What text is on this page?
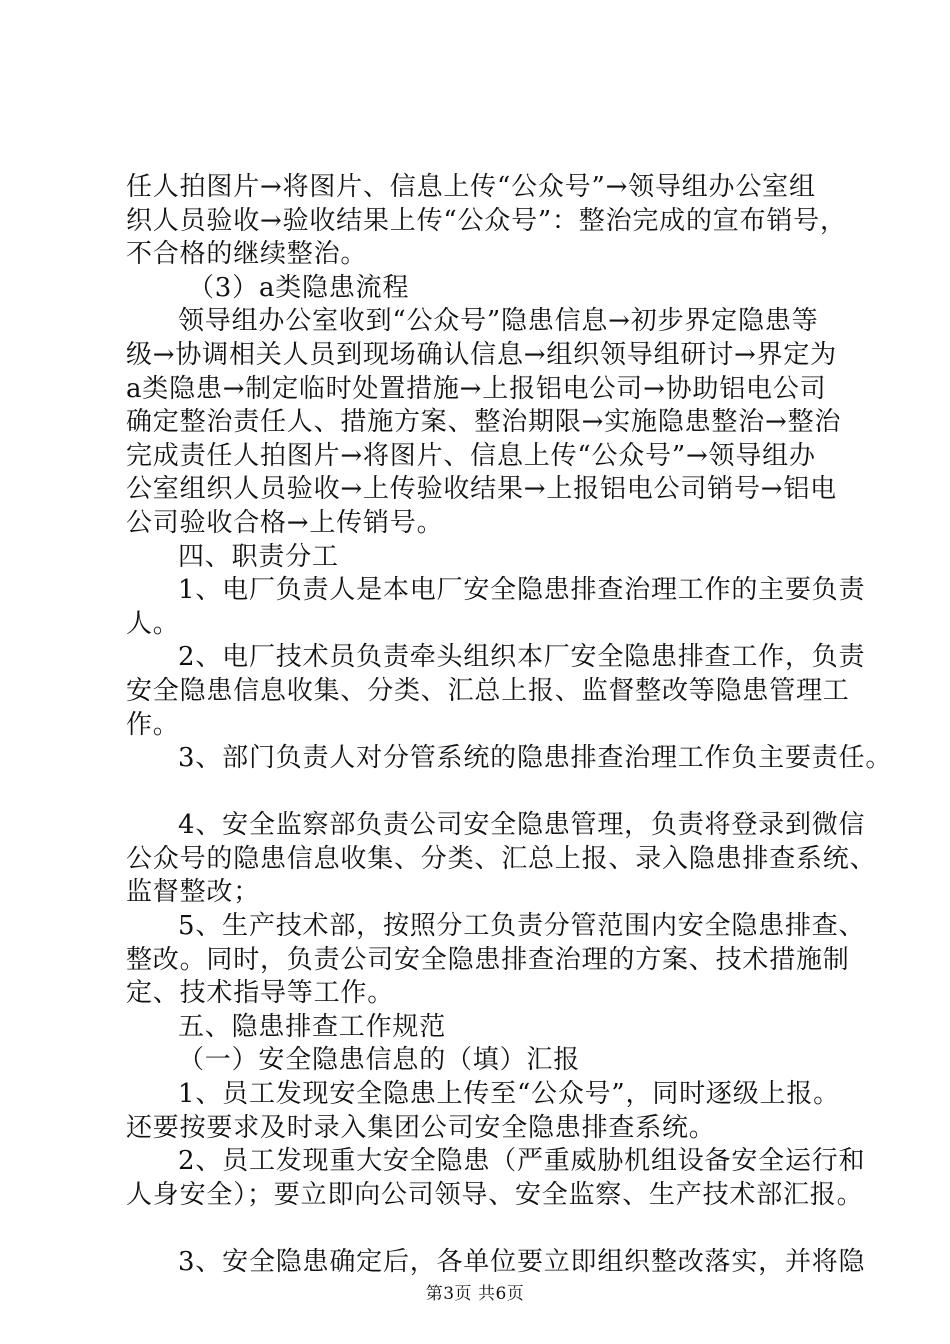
任人拍图片→将图片、信息上传“公众号”→领导组办公室组
织人员验收→验收结果上传“公众号”：整治完成的宣布销号，
不合格的继续整治。
（3）a类隐患流程
领导组办公室收到“公众号”隐患信息→初步界定隐患等
级→协调相关人员到现场确认信息→组织领导组研讨→界定为
a类隐患→制定临时处置措施→上报铝电公司→协助铝电公司
确定整治责任人、措施方案、整治期限→实施隐患整治→整治
完成责任人拍图片→将图片、信息上传“公众号”→领导组办
公室组织人员验收→上传验收结果→上报铝电公司销号→铝电
公司验收合格→上传销号。
四、职责分工
1、电厂负责人是本电厂安全隐患排查治理工作的主要负责
人。
2、电厂技术员负责牵头组织本厂安全隐患排查工作，负责
安全隐患信息收集、分类、汇总上报、监督整改等隐患管理工
作。
3、部门负责人对分管系统的隐患排查治理工作负主要责任。
4、安全监察部负责公司安全隐患管理，负责将登录到微信
公众号的隐患信息收集、分类、汇总上报、录入隐患排查系统、
监督整改；
5、生产技术部，按照分工负责分管范围内安全隐患排查、
整改。同时，负责公司安全隐患排查治理的方案、技术措施制
定、技术指导等工作。
五、隐患排查工作规范
（一）安全隐患信息的（填）汇报
1、员工发现安全隐患上传至“公众号”，同时逐级上报。
还要按要求及时录入集团公司安全隐患排查系统。
2、员工发现重大安全隐患（严重威胁机组设备安全运行和
人身安全）；要立即向公司领导、安全监察、生产技术部汇报。
3、安全隐患确定后，各单位要立即组织整改落实，并将隐
第3页 共6页
